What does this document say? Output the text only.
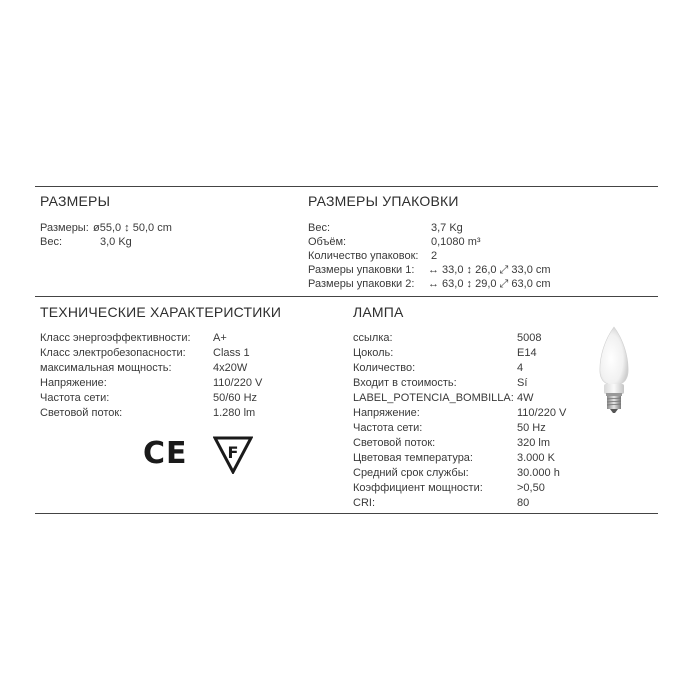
РАЗМЕРЫ
Размеры: ø55,0 ↕ 50,0 cm
Вес:	3,0 Kg
РАЗМЕРЫ УПАКОВКИ
Вес:	3,7 Kg
Объём:	0,1080 m³
Количество упаковок: 2
Размеры упаковки 1: ↔ 33,0 ↕ 26,0 ⤢ 33,0 cm
Размеры упаковки 2: ↔ 63,0 ↕ 29,0 ⤢ 63,0 cm
ТЕХНИЧЕСКИЕ ХАРАКТЕРИСТИКИ
Класс энергоэффективности: A+
Класс электробезопасности: Class 1
максимальная мощность:	4x20W
Напряжение:	110/220 V
Частота сети:	50/60 Hz
Световой поток:	1.280 lm
CE	F
ЛАМПА
ссылка:	5008
Цоколь:	E14
Количество:	4
Входит в стоимость:	Sí
LABEL_POTENCIA_BOMBILLA: 4W
Напряжение:	110/220 V
Частота сети:	50 Hz
Световой поток:	320 lm
Цветовая температура:	3.000 K
Средний срок службы:	30.000 h
Коэффициент мощности:	>0,50
CRI:	80
